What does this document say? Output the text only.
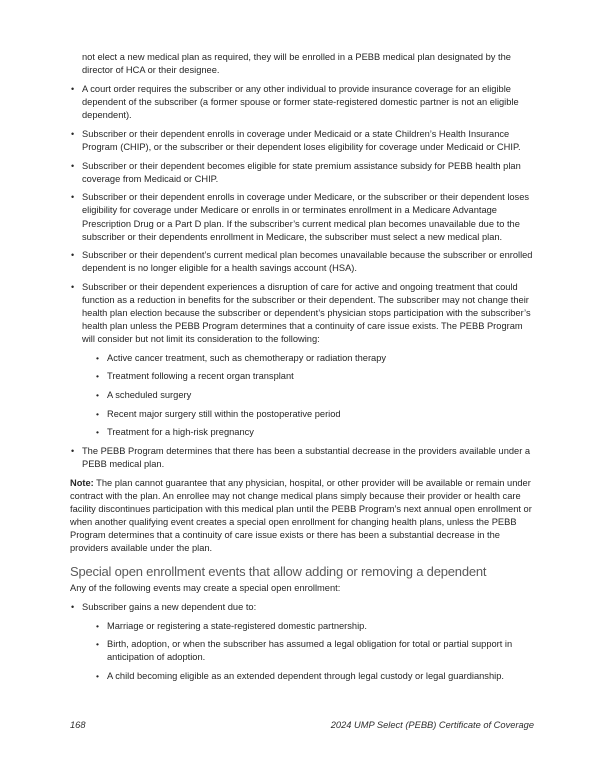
not elect a new medical plan as required, they will be enrolled in a PEBB medical plan designated by the director of HCA or their designee.

• A court order requires the subscriber or any other individual to provide insurance coverage for an eligible dependent of the subscriber (a former spouse or former state-registered domestic partner is not an eligible dependent).
• Subscriber or their dependent enrolls in coverage under Medicaid or a state Children’s Health Insurance Program (CHIP), or the subscriber or their dependent loses eligibility for coverage under Medicaid or CHIP.
• Subscriber or their dependent becomes eligible for state premium assistance subsidy for PEBB health plan coverage from Medicaid or CHIP.
• Subscriber or their dependent enrolls in coverage under Medicare, or the subscriber or their dependent loses eligibility for coverage under Medicare or enrolls in or terminates enrollment in a Medicare Advantage Prescription Drug or a Part D plan. If the subscriber’s current medical plan becomes unavailable due to the subscriber or their dependents enrollment in Medicare, the subscriber must select a new medical plan.
• Subscriber or their dependent’s current medical plan becomes unavailable because the subscriber or enrolled dependent is no longer eligible for a health savings account (HSA).
• Subscriber or their dependent experiences a disruption of care for active and ongoing treatment that could function as a reduction in benefits for the subscriber or their dependent. The subscriber may not change their health plan election because the subscriber or dependent’s physician stops participation with the subscriber’s health plan unless the PEBB Program determines that a continuity of care issue exists. The PEBB Program will consider but not limit its consideration to the following:
• Active cancer treatment, such as chemotherapy or radiation therapy
• Treatment following a recent organ transplant
• A scheduled surgery
• Recent major surgery still within the postoperative period
• Treatment for a high-risk pregnancy
• The PEBB Program determines that there has been a substantial decrease in the providers available under a PEBB medical plan.

Note: The plan cannot guarantee that any physician, hospital, or other provider will be available or remain under contract with the plan. An enrollee may not change medical plans simply because their provider or health care facility discontinues participation with this medical plan until the PEBB Program’s next annual open enrollment or when another qualifying event creates a special open enrollment for changing health plans, unless the PEBB Program determines that a continuity of care issue exists or there has been a substantial decrease in the providers available under the plan.

Special open enrollment events that allow adding or removing a dependent

Any of the following events may create a special open enrollment:

• Subscriber gains a new dependent due to:
• Marriage or registering a state-registered domestic partnership.
• Birth, adoption, or when the subscriber has assumed a legal obligation for total or partial support in anticipation of adoption.
• A child becoming eligible as an extended dependent through legal custody or legal guardianship.
168	2024 UMP Select (PEBB) Certificate of Coverage
